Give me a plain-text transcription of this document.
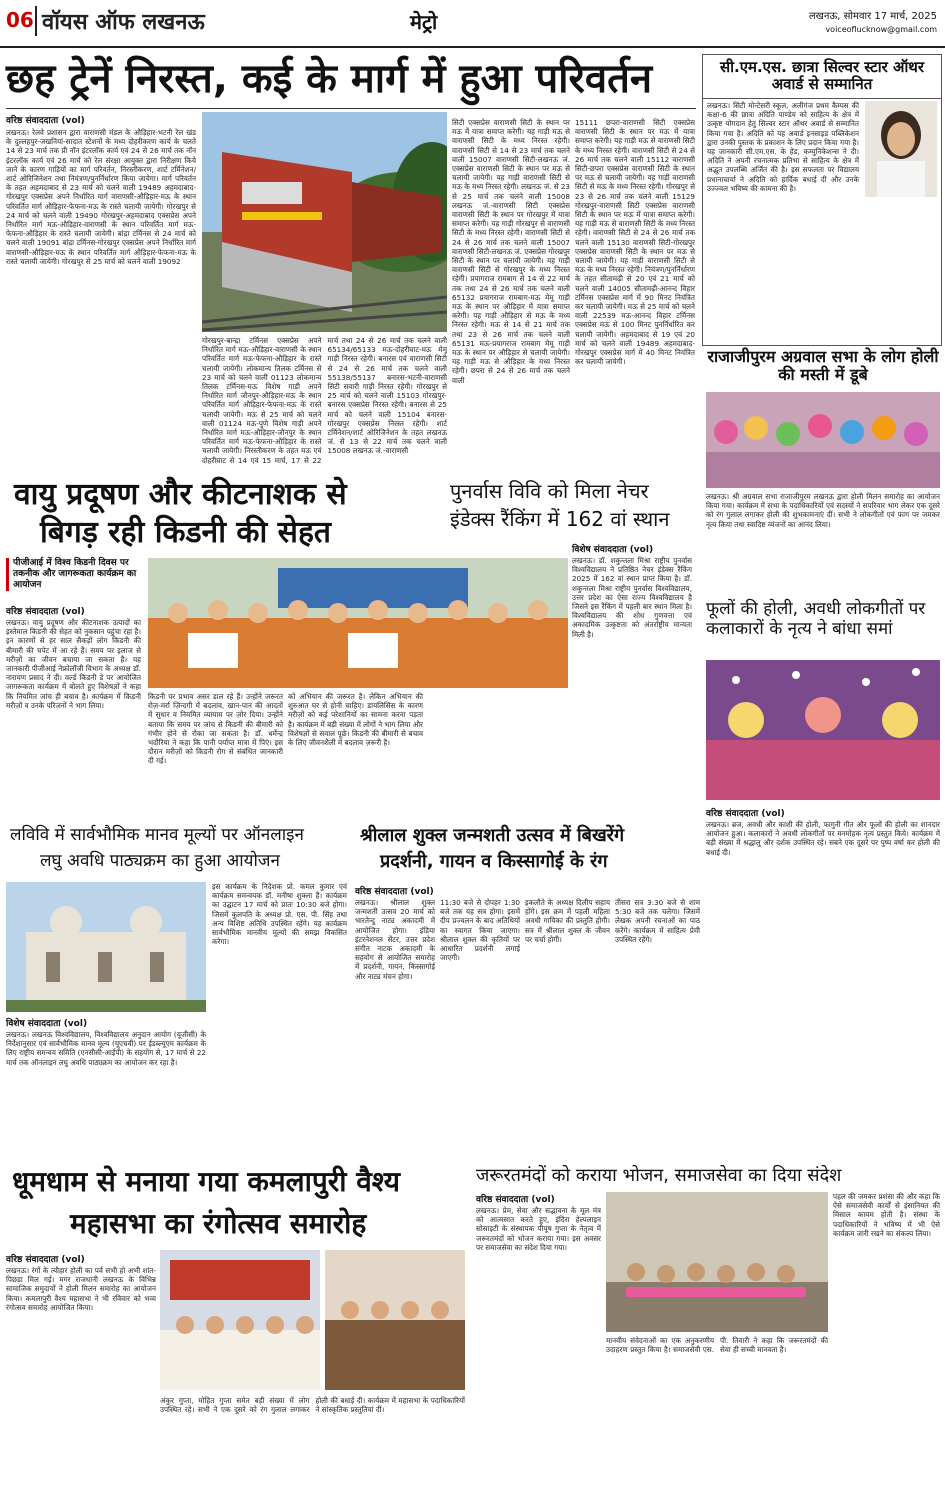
06 वॉयस ऑफ लखनऊ	मेट्रो	लखनऊ, सोमवार 17 मार्च, 2025
voiceoflucknow@gmail.com
छह ट्रेनें निरस्त, कई के मार्ग में हुआ परिवर्तन
वरिष्ठ संवाददाता (vol)
लखनऊ। रेलवे प्रशासन द्वारा वाराणसी मंडल के औड़िहार-भटनी रेल खंड के दुल्लहपुर-जखनियां-सादात स्टेशनों के मध्य दोहरीकरण कार्य के चलते 14 से 23 मार्च तक प्री नॉन इंटरलॉक कार्य एवं 24 से 26 मार्च तक नॉन इंटरलॉक कार्य एवं 26 मार्च को रेल संरक्षा आयुक्त द्वारा निरीक्षण किये जाने के कारण गाड़ियों का मार्ग परिवर्तन, निरस्तीकरण, शार्ट टर्मिनेशन/शार्ट ओरिजिनेशन तथा नियंत्रण/पुनर्निर्धारण किया जायेगा। मार्ग परिवर्तन के तहत अहमदाबाद से 23 मार्च को चलने वाली 19489 अहमदाबाद-गोरखपुर एक्सप्रेस अपने निर्धारित मार्ग वाराणसी-औड़िहार-मऊ के स्थान परिवर्तित मार्ग औड़िहार-फेफना-मऊ के रास्ते चलायी जायेगी। गोरखपुर से 24 मार्च को चलने वाली 19490 गोरखपुर-अहमदाबाद एक्सप्रेस अपने निर्धारित मार्ग मऊ-औड़िहार-वाराणसी के स्थान परिवर्तित मार्ग मऊ-फेफना-औड़िहार के रास्ते चलायी जायेगी। बांद्रा टर्मिनस से 24 मार्च को चलने वाली 19091 बांद्रा टर्मिनस-गोरखपुर एक्सप्रेस अपने निर्धारित मार्ग वाराणसी-औड़िहार-मऊ के स्थान परिवर्तित मार्ग औड़िहार-फेफना-मऊ के रास्ते चलायी जायेगी। गोरखपुर से 25 मार्च को चलने वाली 19092
गोरखपुर-बान्द्रा टर्मिनस एक्सप्रेस अपने निर्धारित मार्ग मऊ-औड़िहार-वाराणसी के स्थान परिवर्तित मार्ग मऊ-फेफना-औड़िहार के रास्ते चलायी जायेगी। लोकमान्य तिलक टर्मिनस से 23 मार्च को चलने वाली 01123 लोकमान्य तिलक टर्मिनस-मऊ विशेष गाड़ी अपने निर्धारित मार्ग जौनपुर-औड़िहार-मऊ के स्थान परिवर्तित मार्ग औड़िहार-फेफना-मऊ के रास्ते चलायी जायेगी। मऊ से 25 मार्च को चलने वाली 01124 मऊ-पुणे विशेष गाड़ी अपने निर्धारित मार्ग मऊ-औड़िहार-जौनपुर के स्थान परिवर्तित मार्ग मऊ-फेफना-औड़िहार के रास्ते चलायी जायेगी। निरस्तीकरण के तहत मऊ एवं दोहरीघाट से 14 एवं 15 मार्च, 17 से 22 मार्च तथा 24 से 26 मार्च तक चलने वाली 65134/65133 मऊ-दोहरीघाट-मऊ मेमू गाड़ी निरस्त रहेगी। बनारस एवं वाराणसी सिटी से 24 से 26 मार्च तक चलने वाली 55138/55137 बनारस-भटनी-वाराणसी सिटी सवारी गाड़ी निरस्त रहेगी। गोरखपुर से 25 मार्च को चलने वाली 15103 गोरखपुर-बनारस एक्सप्रेस निरस्त रहेगी। बनारस से 25 मार्च को चलने वाली 15104 बनारस-गोरखपुर एक्सप्रेस निरस्त रहेगी। शार्ट टर्मिनेशन/शार्ट ओरिजिनेशन के तहत लखनऊ जं. से 13 से 22 मार्च तक चलने वाली 15008 लखनऊ जं.-वाराणसी
सिटी एक्सप्रेस वाराणसी सिटी के स्थान पर मऊ में यात्रा समाप्त करेगी। यह गाड़ी मऊ से वाराणसी सिटी के मध्य निरस्त रहेगी। वाराणसी सिटी से 14 से 23 मार्च तक चलने वाली 15007 वाराणसी सिटी-लखनऊ जं. एक्सप्रेस वाराणसी सिटी के स्थान पर मऊ से चलायी जायेगी। यह गाड़ी वाराणसी सिटी से मऊ के मध्य निरस्त रहेगी। लखनऊ जं. से 23 से 25 मार्च तक चलने वाली 15008 लखनऊ जं.-वाराणसी सिटी एक्सप्रेस वाराणसी सिटी के स्थान पर गोरखपुर में यात्रा समाप्त करेगी। यह गाड़ी गोरखपुर से वाराणसी सिटी के मध्य निरस्त रहेगी। वाराणसी सिटी से 24 से 26 मार्च तक चलने वाली 15007 वाराणसी सिटी-लखनऊ जं. एक्सप्रेस गोरखपुर सिटी के स्थान पर चलायी जायेगी। यह गाड़ी वाराणसी सिटी से गोरखपुर के मध्य निरस्त रहेगी। प्रयागराज रामबाग से 14 से 22 मार्च तक तथा 24 से 26 मार्च तक चलने वाली 65132 प्रयागराज रामबाग-मऊ मेमू गाड़ी मऊ के स्थान पर औड़िहार में यात्रा समाप्त करेगी। यह गाड़ी औड़िहार से मऊ के मध्य निरस्त रहेगी। मऊ से 14 से 21 मार्च तक तथा 23 से 26 मार्च तक चलने वाली 65131 मऊ-प्रयागराज रामबाग मेमू गाड़ी मऊ के स्थान पर औड़िहार से चलायी जायेगी। यह गाड़ी मऊ से औड़िहार के मध्य निरस्त रहेगी। छपरा से 24 से 26 मार्च तक चलने वाली
15111 छपरा-वाराणसी सिटी एक्सप्रेस वाराणसी सिटी के स्थान पर मऊ में यात्रा समाप्त करेगी। यह गाड़ी मऊ से वाराणसी सिटी के मध्य निरस्त रहेगी। वाराणसी सिटी से 24 से 26 मार्च तक चलने वाली 15112 वाराणसी सिटी-छपरा एक्सप्रेस वाराणसी सिटी के स्थान पर मऊ से चलायी जायेगी। यह गाड़ी वाराणसी सिटी से मऊ के मध्य निरस्त रहेगी। गोरखपुर से 23 से 26 मार्च तक चलने वाली 15129 गोरखपुर-वाराणसी सिटी एक्सप्रेस वाराणसी सिटी के स्थान पर मऊ में यात्रा समाप्त करेगी। यह गाड़ी मऊ से वाराणसी सिटी के मध्य निरस्त रहेगी। वाराणसी सिटी से 24 से 26 मार्च तक चलने वाली 15130 वाराणसी सिटी-गोरखपुर एक्सप्रेस वाराणसी सिटी के स्थान पर मऊ से चलायी जायेगी। यह गाड़ी वाराणसी सिटी से मऊ के मध्य निरस्त रहेगी। नियंत्रण/पुनर्निर्धारण के तहत सीतामढ़ी से 20 एवं 21 मार्च को चलने वाली 14005 सीतामढ़ी-आनन्द विहार टर्मिनस एक्सप्रेस मार्ग में 90 मिनट नियंत्रित कर चलायी जायेगी। मऊ से 25 मार्च को चलने वाली 22539 मऊ-आनन्द विहार टर्मिनस एक्सप्रेस मऊ से 100 मिनट पुनर्निर्धारित कर चलायी जायेगी। अहमदाबाद से 19 एवं 20 मार्च को चलने वाली 19489 अहमदाबाद-गोरखपुर एक्सप्रेस मार्ग में 40 मिनट नियंत्रित कर चलायी जायेगी।
सी.एम.एस. छात्रा सिल्वर स्टार ऑथर अवार्ड से सम्मानित
लखनऊ। सिटी मोन्टेसरी स्कूल, अलीगंज प्रथम कैम्पस की कक्षा-6 की छात्रा अदिति पाण्डेय को साहित्य के क्षेत्र में उत्कृष्ट योगदान हेतु सिल्वर स्टार ऑथर अवार्ड से सम्मानित किया गया है। अदिति को यह अवार्ड इनसाइड पब्लिकेशन द्वारा उनकी पुस्तक के प्रकाशन के लिए प्रदान किया गया है। यह जानकारी सी.एम.एस. के हेड, कम्युनिकेशन्स ने दी। अदिति ने अपनी रचनात्मक प्रतिभा से साहित्य के क्षेत्र में अद्भुत उपलब्धि अर्जित की है। इस सफलता पर विद्यालय प्रधानाचार्या ने अदिति को हार्दिक बधाई दी और उनके उज्ज्वल भविष्य की कामना की है।
राजाजीपुरम अग्रवाल सभा के लोग होली की मस्ती में डूबे
लखनऊ। श्री अग्रवाल सभा राजाजीपुरम लखनऊ द्वारा होली मिलन समारोह का आयोजन किया गया। कार्यक्रम में सभा के पदाधिकारियों एवं सदस्यों ने सपरिवार भाग लेकर एक दूसरे को रंग गुलाल लगाकर होली की शुभकामनाएं दीं। सभी ने लोकगीतों एवं फाग पर जमकर नृत्य किया तथा स्वादिष्ट व्यंजनों का आनंद लिया।
वायु प्रदूषण और कीटनाशक से
बिगड़ रही किडनी की सेहत
पीजीआई में विश्व किडनी दिवस पर तकनीक और जागरूकता कार्यक्रम का आयोजन
वरिष्ठ संवाददाता (vol)
लखनऊ। वायु प्रदूषण और कीटनाशक उत्पादों का इस्तेमाल किडनी की सेहत को नुकसान पहुंचा रहा है। इन कारणों से हर साल सैकड़ों लोग किडनी की बीमारी की चपेट में आ रहे हैं। समय पर इलाज से मरीज़ों का जीवन बचाया जा सकता है। यह जानकारी पीजीआई नेफ्रोलॉजी विभाग के अध्यक्ष डॉ. नारायण प्रसाद ने दी। वर्ल्ड किडनी डे पर आयोजित जागरूकता कार्यक्रम में बोलते हुए विशेषज्ञों ने कहा कि नियमित जांच ही बचाव है। कार्यक्रम में किडनी मरीज़ों व उनके परिजनों ने भाग लिया।
किडनी पर प्रभाव असर डाल रहे हैं। उन्होंने जरूरत रोज़-मर्रा ज़िन्दगी में बदलाव, खान-पान की आदतों में सुधार व नियमित व्यायाम पर ज़ोर दिया। उन्होंने बताया कि समय पर जांच से किडनी की बीमारी को गंभीर होने से रोका जा सकता है। डॉ. धर्मेन्द्र भदौरिया ने कहा कि पानी पर्याप्त मात्रा में पिएं। इस दौरान मरीज़ों को किडनी रोग से संबंधित जानकारी दी गई।
को अभियान की जरूरत है। लेकिन अभियान की शुरुआत घर से होनी चाहिए। डायलिसिस के कारण मरीज़ों को कई परेशानियों का सामना करना पड़ता है। कार्यक्रम में बड़ी संख्या में लोगों ने भाग लिया और विशेषज्ञों से सवाल पूछे। किडनी की बीमारी से बचाव के लिए जीवनशैली में बदलाव ज़रूरी है।
पुनर्वास विवि को मिला नेचर
इंडेक्स रैंकिंग में 162 वां स्थान
विशेष संवाददाता (vol)
लखनऊ। डॉ. शकुन्तला मिश्रा राष्ट्रीय पुनर्वास विश्वविद्यालय ने प्रतिष्ठित नेचर इंडेक्स रैंकिंग 2025 में 162 वां स्थान प्राप्त किया है। डॉ. शकुन्तला मिश्रा राष्ट्रीय पुनर्वास विश्वविद्यालय, उत्तर प्रदेश का ऐसा राज्य विश्वविद्यालय है जिसने इस रैंकिंग में पहली बार स्थान मिला है। विश्वविद्यालय की शोध गुणवत्ता एवं अकादमिक उत्कृष्टता को अंतर्राष्ट्रीय मान्यता मिली है।
फूलों की होली, अवधी लोकगीतों पर कलाकारों के नृत्य ने बांधा समां
वरिष्ठ संवाददाता (vol)
लखनऊ। ब्रज, अवधी और काशी की होली, फागुनी गीत और फूलों की होली का शानदार आयोजन हुआ। कलाकारों ने अवधी लोकगीतों पर मनमोहक नृत्य प्रस्तुत किये। कार्यक्रम में बड़ी संख्या में श्रद्धालु और दर्शक उपस्थित रहे। सबने एक दूसरे पर पुष्प वर्षा कर होली की बधाई दी।
लविवि में सार्वभौमिक मानव मूल्यों पर ऑनलाइन
लघु अवधि पाठ्यक्रम का हुआ आयोजन
विशेष संवाददाता (vol)
लखनऊ। लखनऊ विश्वविद्यालय, विश्वविद्यालय अनुदान आयोग (यूजीसी) के निर्देशानुसार एवं सार्वभौमिक मानव मूल्य (यूएचवी) पर ईडब्ल्यूएम कार्यक्रम के लिए राष्ट्रीय समन्वय समिति (एनसीसी-आईपी) के सहयोग से, 17 मार्च से 22 मार्च तक ऑनलाइन लघु अवधि पाठ्यक्रम का आयोजन कर रहा है।
इस कार्यक्रम के निदेशक प्रो. कमल कुमार एवं कार्यक्रम समन्वयक डॉ. मनीषा शुक्ला हैं। कार्यक्रम का उद्घाटन 17 मार्च को प्रातः 10:30 बजे होगा। जिसमें कुलपति के अध्यक्ष प्रो. एस. पी. सिंह तथा अन्य विशिष्ट अतिथि उपस्थित रहेंगे। यह कार्यक्रम सार्वभौमिक मानवीय मूल्यों की समझ विकसित करेगा।
श्रीलाल शुक्ल जन्मशती उत्सव में बिखरेंगे
प्रदर्शनी, गायन व किस्सागोई के रंग
वरिष्ठ संवाददाता (vol)
लखनऊ। श्रीलाल शुक्ल जन्मशती उत्सव 20 मार्च को भारतेन्दु नाट्य अकादमी में आयोजित होगा। इंडिया इंटरनेशनल सेंटर, उत्तर प्रदेश संगीत नाटक अकादमी के सहयोग से आयोजित समारोह में प्रदर्शनी, गायन, किस्सागोई और नाट्य मंचन होगा।
11:30 बजे से दोपहर 1:30 बजे तक यह सत्र होगा। इसमें दीप प्रज्वलन के बाद अतिथियों का स्वागत किया जाएगा। श्रीलाल शुक्ल की कृतियों पर आधारित प्रदर्शनी लगाई जाएगी।
इकलौते के अध्यक्ष दिलीप सहाय होंगे। इस क्रम में पहली महिला अवधी गायिका की प्रस्तुति होगी। सत्र में श्रीलाल शुक्ल के जीवन पर चर्चा होगी।
तीसरा सत्र 3:30 बजे से शाम 5:30 बजे तक चलेगा। जिसमें लेखक अपनी रचनाओं का पाठ करेंगे। कार्यक्रम में साहित्य प्रेमी उपस्थित रहेंगे।
धूमधाम से मनाया गया कमलापुरी वैश्य
महासभा का रंगोत्सव समारोह
वरिष्ठ संवाददाता (vol)
लखनऊ। रंगों के त्यौहार होली का पर्व सभी हो अभी शांत-पिछड़ा मिल गई। मगर राजधानी लखनऊ के विभिन्न सामाजिक समुदायों ने होली मिलन समारोह का आयोजन किया। कमलापुरी वैश्य महासभा ने भी रविवार को भव्य रंगोत्सव समारोह आयोजित किया।
अंकुर गुप्ता, मोहित गुप्ता समेत बड़ी संख्या में लोग उपस्थित रहे। सभी ने एक दूसरे को रंग गुलाल लगाकर होली की बधाई दी। कार्यक्रम में महासभा के पदाधिकारियों ने सांस्कृतिक प्रस्तुतियां दीं।
जरूरतमंदों को कराया भोजन, समाजसेवा का दिया संदेश
वरिष्ठ संवाददाता (vol)
लखनऊ। प्रेम, सेवा और सद्भावना के मूल मंत्र को आत्मसात करते हुए, इंदिरा हेल्पलाइन सोसाइटी के संस्थापक पीयूष गुप्ता के नेतृत्व में जरूरतमंदों को भोजन कराया गया। इस अवसर पर समाजसेवा का संदेश दिया गया।
मानवीय संवेदनाओं का एक अनुकरणीय उदाहरण प्रस्तुत किया है। समाजसेवी एस. पी. तिवारी ने कहा कि जरूरतमंदों की सेवा ही सच्ची मानवता है।
पहल की जमकर प्रशंसा की और कहा कि ऐसे समाजसेवी कार्यों से इंसानियत की मिसाल कायम होती है। संस्था के पदाधिकारियों ने भविष्य में भी ऐसे कार्यक्रम जारी रखने का संकल्प लिया।
